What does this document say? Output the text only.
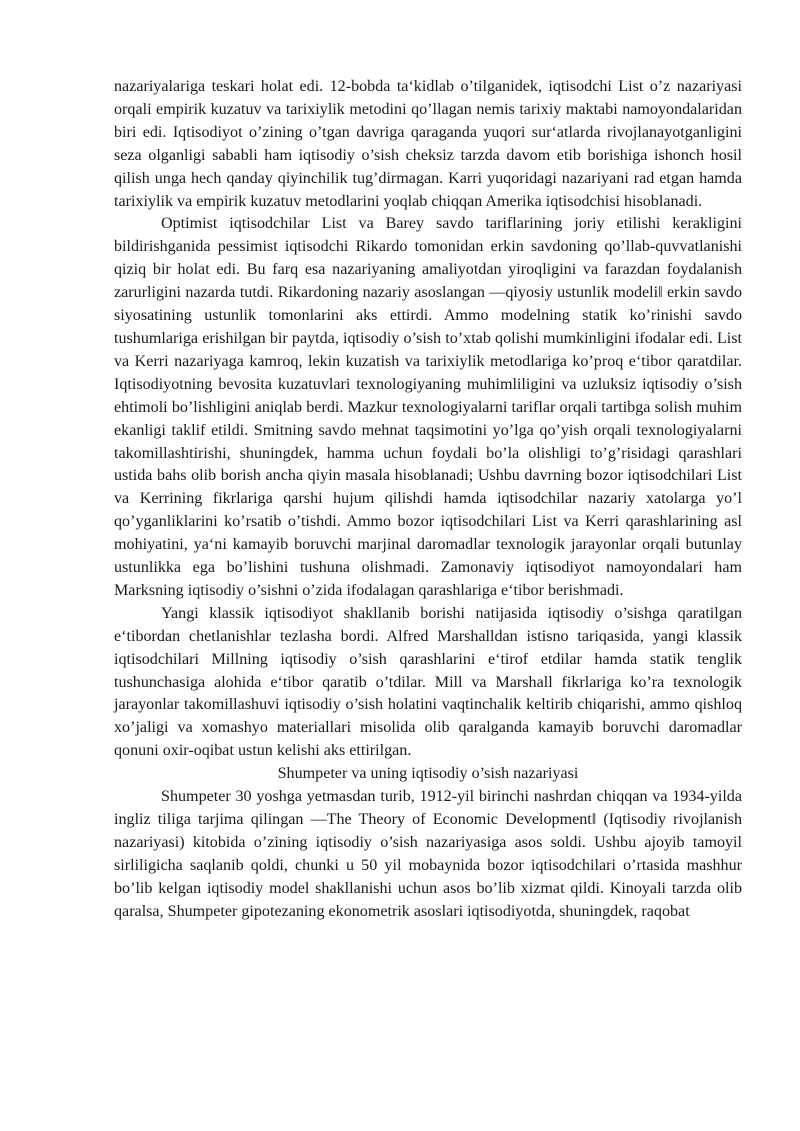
nazariyalariga teskari holat edi. 12-bobda ta‘kidlab o’tilganidek, iqtisodchi List o’z nazariyasi orqali empirik kuzatuv va tarixiylik metodini qo’llagan nemis tarixiy maktabi namoyondalaridan biri edi. Iqtisodiyot o’zining o’tgan davriga qaraganda yuqori sur‘atlarda rivojlanayotganligini seza olganligi sababli ham iqtisodiy o’sish cheksiz tarzda davom etib borishiga ishonch hosil qilish unga hech qanday qiyinchilik tug’dirmagan. Karri yuqoridagi nazariyani rad etgan hamda tarixiylik va empirik kuzatuv metodlarini yoqlab chiqqan Amerika iqtisodchisi hisoblanadi.

Optimist iqtisodchilar List va Barey savdo tariflarining joriy etilishi kerakligini bildirishganida pessimist iqtisodchi Rikardo tomonidan erkin savdoning qo’llab-quvvatlanishi qiziq bir holat edi. Bu farq esa nazariyaning amaliyotdan yiroqligini va farazdan foydalanish zarurligini nazarda tutdi. Rikardoning nazariy asoslangan ―qiyosiy ustunlik modeli‖ erkin savdo siyosatining ustunlik tomonlarini aks ettirdi. Ammo modelning statik ko’rinishi savdo tushumlariga erishilgan bir paytda, iqtisodiy o’sish to’xtab qolishi mumkinligini ifodalar edi. List va Kerri nazariyaga kamroq, lekin kuzatish va tarixiylik metodlariga ko’proq e‘tibor qaratdilar. Iqtisodiyotning bevosita kuzatuvlari texnologiyaning muhimliligini va uzluksiz iqtisodiy o’sish ehtimoli bo’lishligini aniqlab berdi. Mazkur texnologiyalarni tariflar orqali tartibga solish muhim ekanligi taklif etildi. Smitning savdo mehnat taqsimotini yo’lga qo’yish orqali texnologiyalarni takomillashtirishi, shuningdek, hamma uchun foydali bo’la olishligi to’g’risidagi qarashlari ustida bahs olib borish ancha qiyin masala hisoblanadi; Ushbu davrning bozor iqtisodchilari List va Kerrining fikrlariga qarshi hujum qilishdi hamda iqtisodchilar nazariy xatolarga yo’l qo’yganliklarini ko’rsatib o’tishdi. Ammo bozor iqtisodchilari List va Kerri qarashlarining asl mohiyatini, ya‘ni kamayib boruvchi marjinal daromadlar texnologik jarayonlar orqali butunlay ustunlikka ega bo’lishini tushuna olishmadi. Zamonaviy iqtisodiyot namoyondalari ham Marksning iqtisodiy o’sishni o’zida ifodalagan qarashlariga e‘tibor berishmadi.

Yangi klassik iqtisodiyot shakllanib borishi natijasida iqtisodiy o’sishga qaratilgan e‘tibordan chetlanishlar tezlasha bordi. Alfred Marshalldan istisno tariqasida, yangi klassik iqtisodchilari Millning iqtisodiy o’sish qarashlarini e‘tirof etdilar hamda statik tenglik tushunchasiga alohida e‘tibor qaratib o’tdilar. Mill va Marshall fikrlariga ko’ra texnologik jarayonlar takomillashuvi iqtisodiy o’sish holatini vaqtinchalik keltirib chiqarishi, ammo qishloq xo’jaligi va xomashyo materiallari misolida olib qaralganda kamayib boruvchi daromadlar qonuni oxir-oqibat ustun kelishi aks ettirilgan.

Shumpeter va uning iqtisodiy o’sish nazariyasi

Shumpeter 30 yoshga yetmasdan turib, 1912-yil birinchi nashrdan chiqqan va 1934-yilda ingliz tiliga tarjima qilingan ―The Theory of Economic Development‖ (Iqtisodiy rivojlanish nazariyasi) kitobida o’zining iqtisodiy o’sish nazariyasiga asos soldi. Ushbu ajoyib tamoyil sirliligicha saqlanib qoldi, chunki u 50 yil mobaynida bozor iqtisodchilari o’rtasida mashhur bo’lib kelgan iqtisodiy model shakllanishi uchun asos bo’lib xizmat qildi. Kinoyali tarzda olib qaralsa, Shumpeter gipotezaning ekonometrik asoslari iqtisodiyotda, shuningdek, raqobat
